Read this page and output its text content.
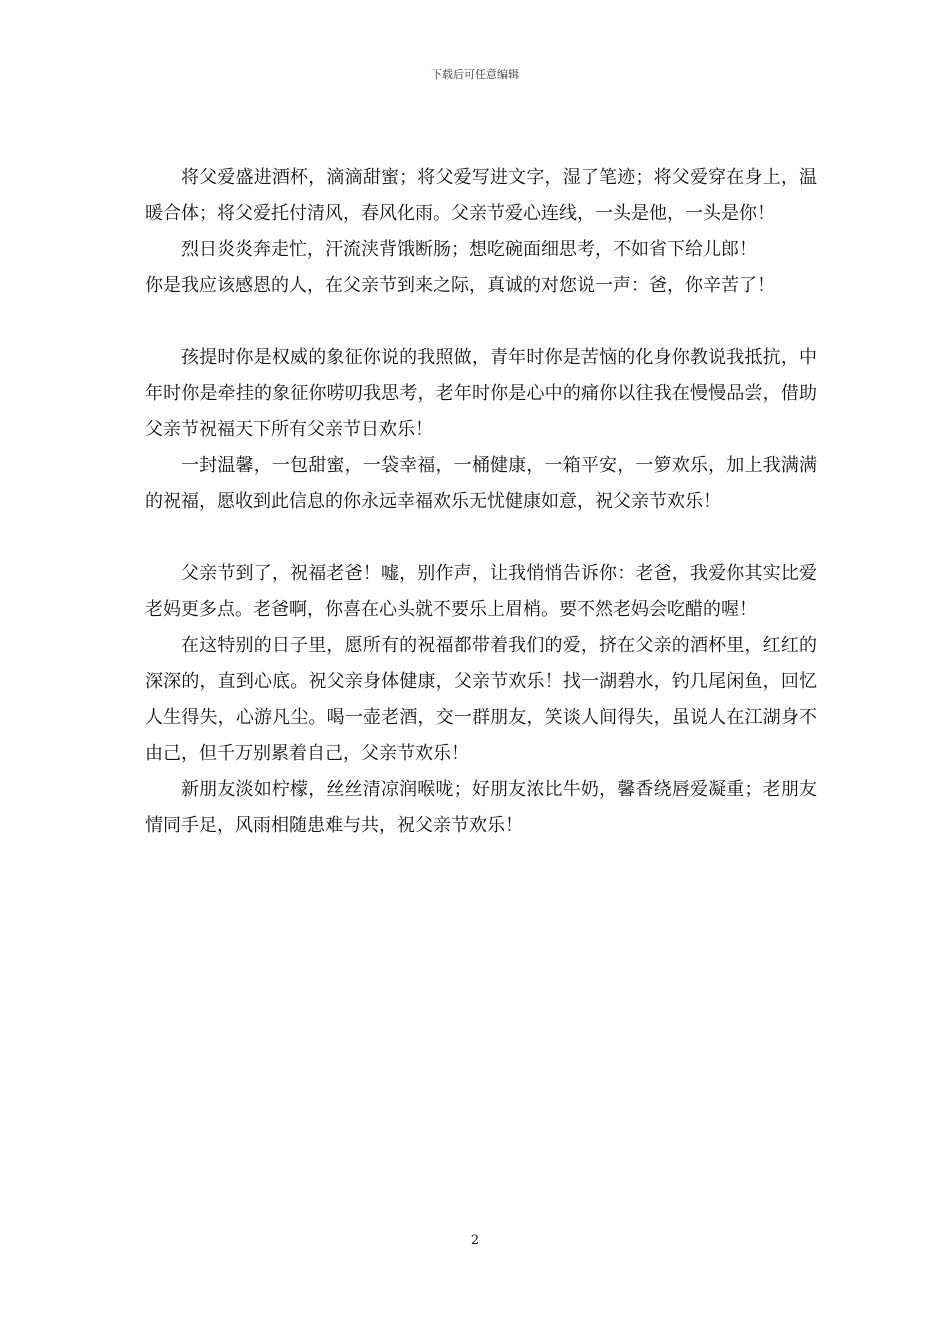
下载后可任意编辑

将父爱盛进酒杯，滴滴甜蜜；将父爱写进文字，湿了笔迹；将父爱穿在身上，温暖合体；将父爱托付清风，春风化雨。父亲节爱心连线，一头是他，一头是你！

烈日炎炎奔走忙，汗流浃背饿断肠；想吃碗面细思考，不如省下给儿郎！

你是我应该感恩的人，在父亲节到来之际，真诚的对您说一声：爸，你辛苦了！

孩提时你是权威的象征你说的我照做，青年时你是苦恼的化身你教说我抵抗，中年时你是牵挂的象征你唠叨我思考，老年时你是心中的痛你以往我在慢慢品尝，借助父亲节祝福天下所有父亲节日欢乐！

一封温馨，一包甜蜜，一袋幸福，一桶健康，一箱平安，一箩欢乐，加上我满满的祝福，愿收到此信息的你永远幸福欢乐无忧健康如意，祝父亲节欢乐！

父亲节到了，祝福老爸！嘘，别作声，让我悄悄告诉你：老爸，我爱你其实比爱老妈更多点。老爸啊，你喜在心头就不要乐上眉梢。要不然老妈会吃醋的喔！

在这特别的日子里，愿所有的祝福都带着我们的爱，挤在父亲的酒杯里，红红的深深的，直到心底。祝父亲身体健康，父亲节欢乐！找一湖碧水，钓几尾闲鱼，回忆人生得失，心游凡尘。喝一壶老酒，交一群朋友，笑谈人间得失，虽说人在江湖身不由己，但千万别累着自己，父亲节欢乐！

新朋友淡如柠檬，丝丝清凉润喉咙；好朋友浓比牛奶，馨香绕唇爱凝重；老朋友情同手足，风雨相随患难与共，祝父亲节欢乐！

2
